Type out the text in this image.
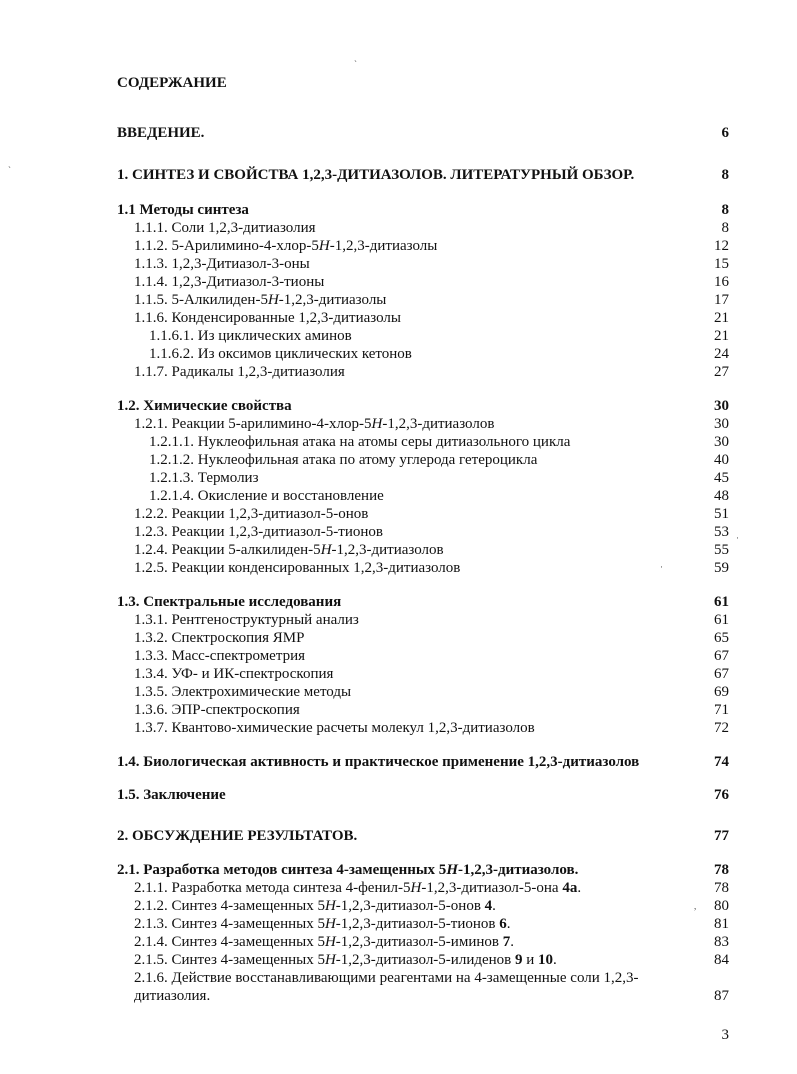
СОДЕРЖАНИЕ
ˋ
ˋ
·
·
,
ВВЕДЕНИЕ.	6
1. СИНТЕЗ И СВОЙСТВА 1,2,3-ДИТИАЗОЛОВ. ЛИТЕРАТУРНЫЙ ОБЗОР.	8
1.1 Методы синтеза	8
1.1.1. Соли 1,2,3-дитиазолия	8
1.1.2. 5-Арилимино-4-хлор-5H-1,2,3-дитиазолы	12
1.1.3. 1,2,3-Дитиазол-3-оны	15
1.1.4. 1,2,3-Дитиазол-3-тионы	16
1.1.5. 5-Алкилиден-5H-1,2,3-дитиазолы	17
1.1.6. Конденсированные 1,2,3-дитиазолы	21
1.1.6.1. Из циклических аминов	21
1.1.6.2. Из оксимов циклических кетонов	24
1.1.7. Радикалы 1,2,3-дитиазолия	27
1.2. Химические свойства	30
1.2.1. Реакции 5-арилимино-4-хлор-5H-1,2,3-дитиазолов	30
1.2.1.1. Нуклеофильная атака на атомы серы дитиазольного цикла	30
1.2.1.2. Нуклеофильная атака по атому углерода гетероцикла	40
1.2.1.3. Термолиз	45
1.2.1.4. Окисление и восстановление	48
1.2.2. Реакции 1,2,3-дитиазол-5-онов	51
1.2.3. Реакции 1,2,3-дитиазол-5-тионов	53
1.2.4. Реакции 5-алкилиден-5H-1,2,3-дитиазолов	55
1.2.5. Реакции конденсированных 1,2,3-дитиазолов	59
1.3. Спектральные исследования	61
1.3.1. Рентгеноструктурный анализ	61
1.3.2. Спектроскопия ЯМР	65
1.3.3. Масс-спектрометрия	67
1.3.4. УФ- и ИК-спектроскопия	67
1.3.5. Электрохимические методы	69
1.3.6. ЭПР-спектроскопия	71
1.3.7. Квантово-химические расчеты молекул 1,2,3-дитиазолов	72
1.4. Биологическая активность и практическое применение 1,2,3-дитиазолов	74
1.5. Заключение	76
2. ОБСУЖДЕНИЕ РЕЗУЛЬТАТОВ.	77
2.1. Разработка методов синтеза 4-замещенных 5H-1,2,3-дитиазолов.	78
2.1.1. Разработка метода синтеза 4-фенил-5H-1,2,3-дитиазол-5-она 4a.	78
2.1.2. Синтез 4-замещенных 5H-1,2,3-дитиазол-5-онов 4.	80
2.1.3. Синтез 4-замещенных 5H-1,2,3-дитиазол-5-тионов 6.	81
2.1.4. Синтез 4-замещенных 5H-1,2,3-дитиазол-5-иминов 7.	83
2.1.5. Синтез 4-замещенных 5H-1,2,3-дитиазол-5-илиденов 9 и 10.	84
2.1.6. Действие восстанавливающими реагентами на 4-замещенные соли 1,2,3-дитиазолия.	87
3
